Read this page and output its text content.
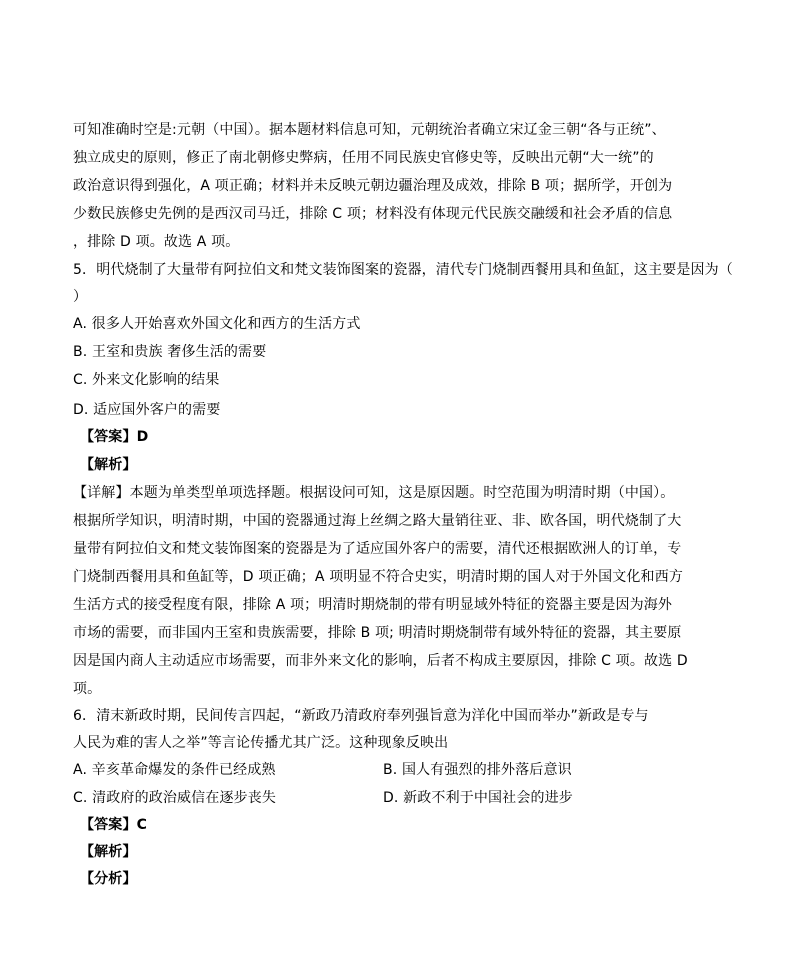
可知准确时空是:元朝（中国）。据本题材料信息可知，元朝统治者确立宋辽金三朝“各与正统”、
独立成史的原则，修正了南北朝修史弊病，任用不同民族史官修史等，反映出元朝“大一统”的
政治意识得到强化，A 项正确；材料并未反映元朝边疆治理及成效，排除 B 项；据所学，开创为
少数民族修史先例的是西汉司马迁，排除 C 项；材料没有体现元代民族交融缓和社会矛盾的信息
，排除 D 项。故选 A 项。
5．明代烧制了大量带有阿拉伯文和梵文装饰图案的瓷器，清代专门烧制西餐用具和鱼缸，这主要是因为（
）
A. 很多人开始喜欢外国文化和西方的生活方式
B. 王室和贵族 奢侈生活的需要
C. 外来文化影响的结果
D. 适应国外客户的需要
【答案】D
【解析】
【详解】本题为单类型单项选择题。根据设问可知，这是原因题。时空范围为明清时期（中国）。
根据所学知识，明清时期，中国的瓷器通过海上丝绸之路大量销往亚、非、欧各国，明代烧制了大
量带有阿拉伯文和梵文装饰图案的瓷器是为了适应国外客户的需要，清代还根据欧洲人的订单，专
门烧制西餐用具和鱼缸等，D 项正确；A 项明显不符合史实，明清时期的国人对于外国文化和西方
生活方式的接受程度有限，排除 A 项；明清时期烧制的带有明显域外特征的瓷器主要是因为海外
市场的需要，而非国内王室和贵族需要，排除 B 项; 明清时期烧制带有域外特征的瓷器，其主要原
因是国内商人主动适应市场需要，而非外来文化的影响，后者不构成主要原因，排除 C 项。故选 D
项。
6．清末新政时期，民间传言四起，“新政乃清政府奉列强旨意为洋化中国而举办”新政是专与
人民为难的害人之举”等言论传播尤其广泛。这种现象反映出
A. 辛亥革命爆发的条件已经成熟	B. 国人有强烈的排外落后意识
C. 清政府的政治威信在逐步丧失	D. 新政不利于中国社会的进步
【答案】C
【解析】
【分析】
